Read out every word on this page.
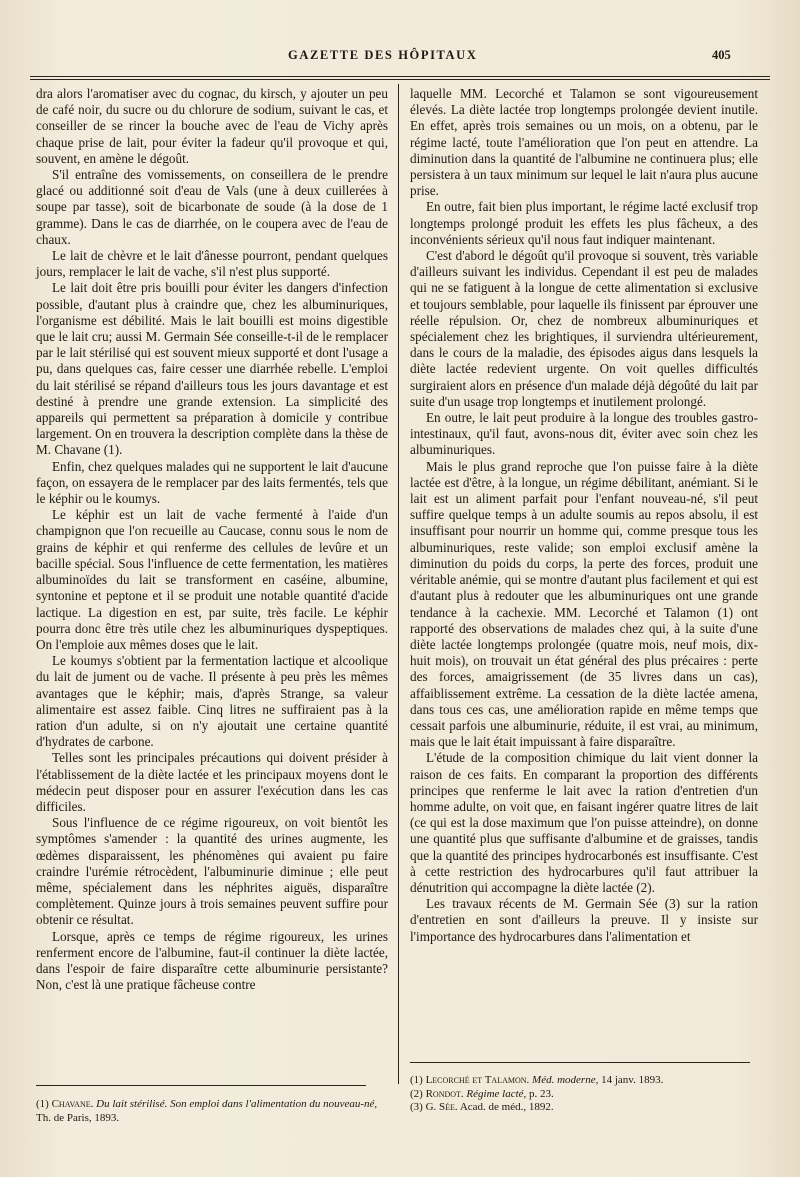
GAZETTE DES HÔPITAUX	405

dra alors l'aromatiser avec du cognac, du kirsch, y ajouter un peu de café noir, du sucre ou du chlorure de sodium, suivant le cas, et conseiller de se rincer la bouche avec de l'eau de Vichy après chaque prise de lait, pour éviter la fadeur qu'il provoque et qui, souvent, en amène le dégoût.

S'il entraîne des vomissements, on conseillera de le prendre glacé ou additionné soit d'eau de Vals (une à deux cuillerées à soupe par tasse), soit de bicarbonate de soude (à la dose de 1 gramme). Dans le cas de diarrhée, on le coupera avec de l'eau de chaux.

Le lait de chèvre et le lait d'ânesse pourront, pendant quelques jours, remplacer le lait de vache, s'il n'est plus supporté.

Le lait doit être pris bouilli pour éviter les dangers d'infection possible, d'autant plus à craindre que, chez les albuminuriques, l'organisme est débilité. Mais le lait bouilli est moins digestible que le lait cru; aussi M. Germain Sée conseille-t-il de le remplacer par le lait stérilisé qui est souvent mieux supporté et dont l'usage a pu, dans quelques cas, faire cesser une diarrhée rebelle. L'emploi du lait stérilisé se répand d'ailleurs tous les jours davantage et est destiné à prendre une grande extension. La simplicité des appareils qui permettent sa préparation à domicile y contribue largement. On en trouvera la description complète dans la thèse de M. Chavane (1).

Enfin, chez quelques malades qui ne supportent le lait d'aucune façon, on essayera de le remplacer par des laits fermentés, tels que le képhir ou le koumys.

Le képhir est un lait de vache fermenté à l'aide d'un champignon que l'on recueille au Caucase, connu sous le nom de grains de képhir et qui renferme des cellules de levûre et un bacille spécial. Sous l'influence de cette fermentation, les matières albuminoïdes du lait se transforment en caséine, albumine, syntonine et peptone et il se produit une notable quantité d'acide lactique. La digestion en est, par suite, très facile. Le képhir pourra donc être très utile chez les albuminuriques dyspeptiques. On l'emploie aux mêmes doses que le lait.

Le koumys s'obtient par la fermentation lactique et alcoolique du lait de jument ou de vache. Il présente à peu près les mêmes avantages que le képhir; mais, d'après Strange, sa valeur alimentaire est assez faible. Cinq litres ne suffiraient pas à la ration d'un adulte, si on n'y ajoutait une certaine quantité d'hydrates de carbone.

Telles sont les principales précautions qui doivent présider à l'établissement de la diète lactée et les principaux moyens dont le médecin peut disposer pour en assurer l'exécution dans les cas difficiles.

Sous l'influence de ce régime rigoureux, on voit bientôt les symptômes s'amender : la quantité des urines augmente, les œdèmes disparaissent, les phénomènes qui avaient pu faire craindre l'urémie rétrocèdent, l'albuminurie diminue ; elle peut même, spécialement dans les néphrites aiguës, disparaître complètement. Quinze jours à trois semaines peuvent suffire pour obtenir ce résultat.

Lorsque, après ce temps de régime rigoureux, les urines renferment encore de l'albumine, faut-il continuer la diète lactée, dans l'espoir de faire disparaître cette albuminurie persistante? Non, c'est là une pratique fâcheuse contre

laquelle MM. Lecorché et Talamon se sont vigoureusement élevés. La diète lactée trop longtemps prolongée devient inutile. En effet, après trois semaines ou un mois, on a obtenu, par le régime lacté, toute l'amélioration que l'on peut en attendre. La diminution dans la quantité de l'albumine ne continuera plus; elle persistera à un taux minimum sur lequel le lait n'aura plus aucune prise.

En outre, fait bien plus important, le régime lacté exclusif trop longtemps prolongé produit les effets les plus fâcheux, a des inconvénients sérieux qu'il nous faut indiquer maintenant.

C'est d'abord le dégoût qu'il provoque si souvent, très variable d'ailleurs suivant les individus. Cependant il est peu de malades qui ne se fatiguent à la longue de cette alimentation si exclusive et toujours semblable, pour laquelle ils finissent par éprouver une réelle répulsion. Or, chez de nombreux albuminuriques et spécialement chez les brightiques, il surviendra ultérieurement, dans le cours de la maladie, des épisodes aigus dans lesquels la diète lactée redevient urgente. On voit quelles difficultés surgiraient alors en présence d'un malade déjà dégoûté du lait par suite d'un usage trop longtemps et inutilement prolongé.

En outre, le lait peut produire à la longue des troubles gastro-intestinaux, qu'il faut, avons-nous dit, éviter avec soin chez les albuminuriques.

Mais le plus grand reproche que l'on puisse faire à la diète lactée est d'être, à la longue, un régime débilitant, anémiant. Si le lait est un aliment parfait pour l'enfant nouveau-né, s'il peut suffire quelque temps à un adulte soumis au repos absolu, il est insuffisant pour nourrir un homme qui, comme presque tous les albuminuriques, reste valide; son emploi exclusif amène la diminution du poids du corps, la perte des forces, produit une véritable anémie, qui se montre d'autant plus facilement et qui est d'autant plus à redouter que les albuminuriques ont une grande tendance à la cachexie. MM. Lecorché et Talamon (1) ont rapporté des observations de malades chez qui, à la suite d'une diète lactée longtemps prolongée (quatre mois, neuf mois, dix-huit mois), on trouvait un état général des plus précaires : perte des forces, amaigrissement (de 35 livres dans un cas), affaiblissement extrême. La cessation de la diète lactée amena, dans tous ces cas, une amélioration rapide en même temps que cessait parfois une albuminurie, réduite, il est vrai, au minimum, mais que le lait était impuissant à faire disparaître.

L'étude de la composition chimique du lait vient donner la raison de ces faits. En comparant la proportion des différents principes que renferme le lait avec la ration d'entretien d'un homme adulte, on voit que, en faisant ingérer quatre litres de lait (ce qui est la dose maximum que l'on puisse atteindre), on donne une quantité plus que suffisante d'albumine et de graisses, tandis que la quantité des principes hydrocarbonés est insuffisante. C'est à cette restriction des hydrocarbures qu'il faut attribuer la dénutrition qui accompagne la diète lactée (2).

Les travaux récents de M. Germain Sée (3) sur la ration d'entretien en sont d'ailleurs la preuve. Il y insiste sur l'importance des hydrocarbures dans l'alimentation et

(1) Chavane. Du lait stérilisé. Son emploi dans l'alimentation du nouveau-né, Th. de Paris, 1893.
(1) Lecorché et Talamon. Méd. moderne, 14 janv. 1893.
(2) Rondot. Régime lacté, p. 23.
(3) G. Sée. Acad. de méd., 1892.
